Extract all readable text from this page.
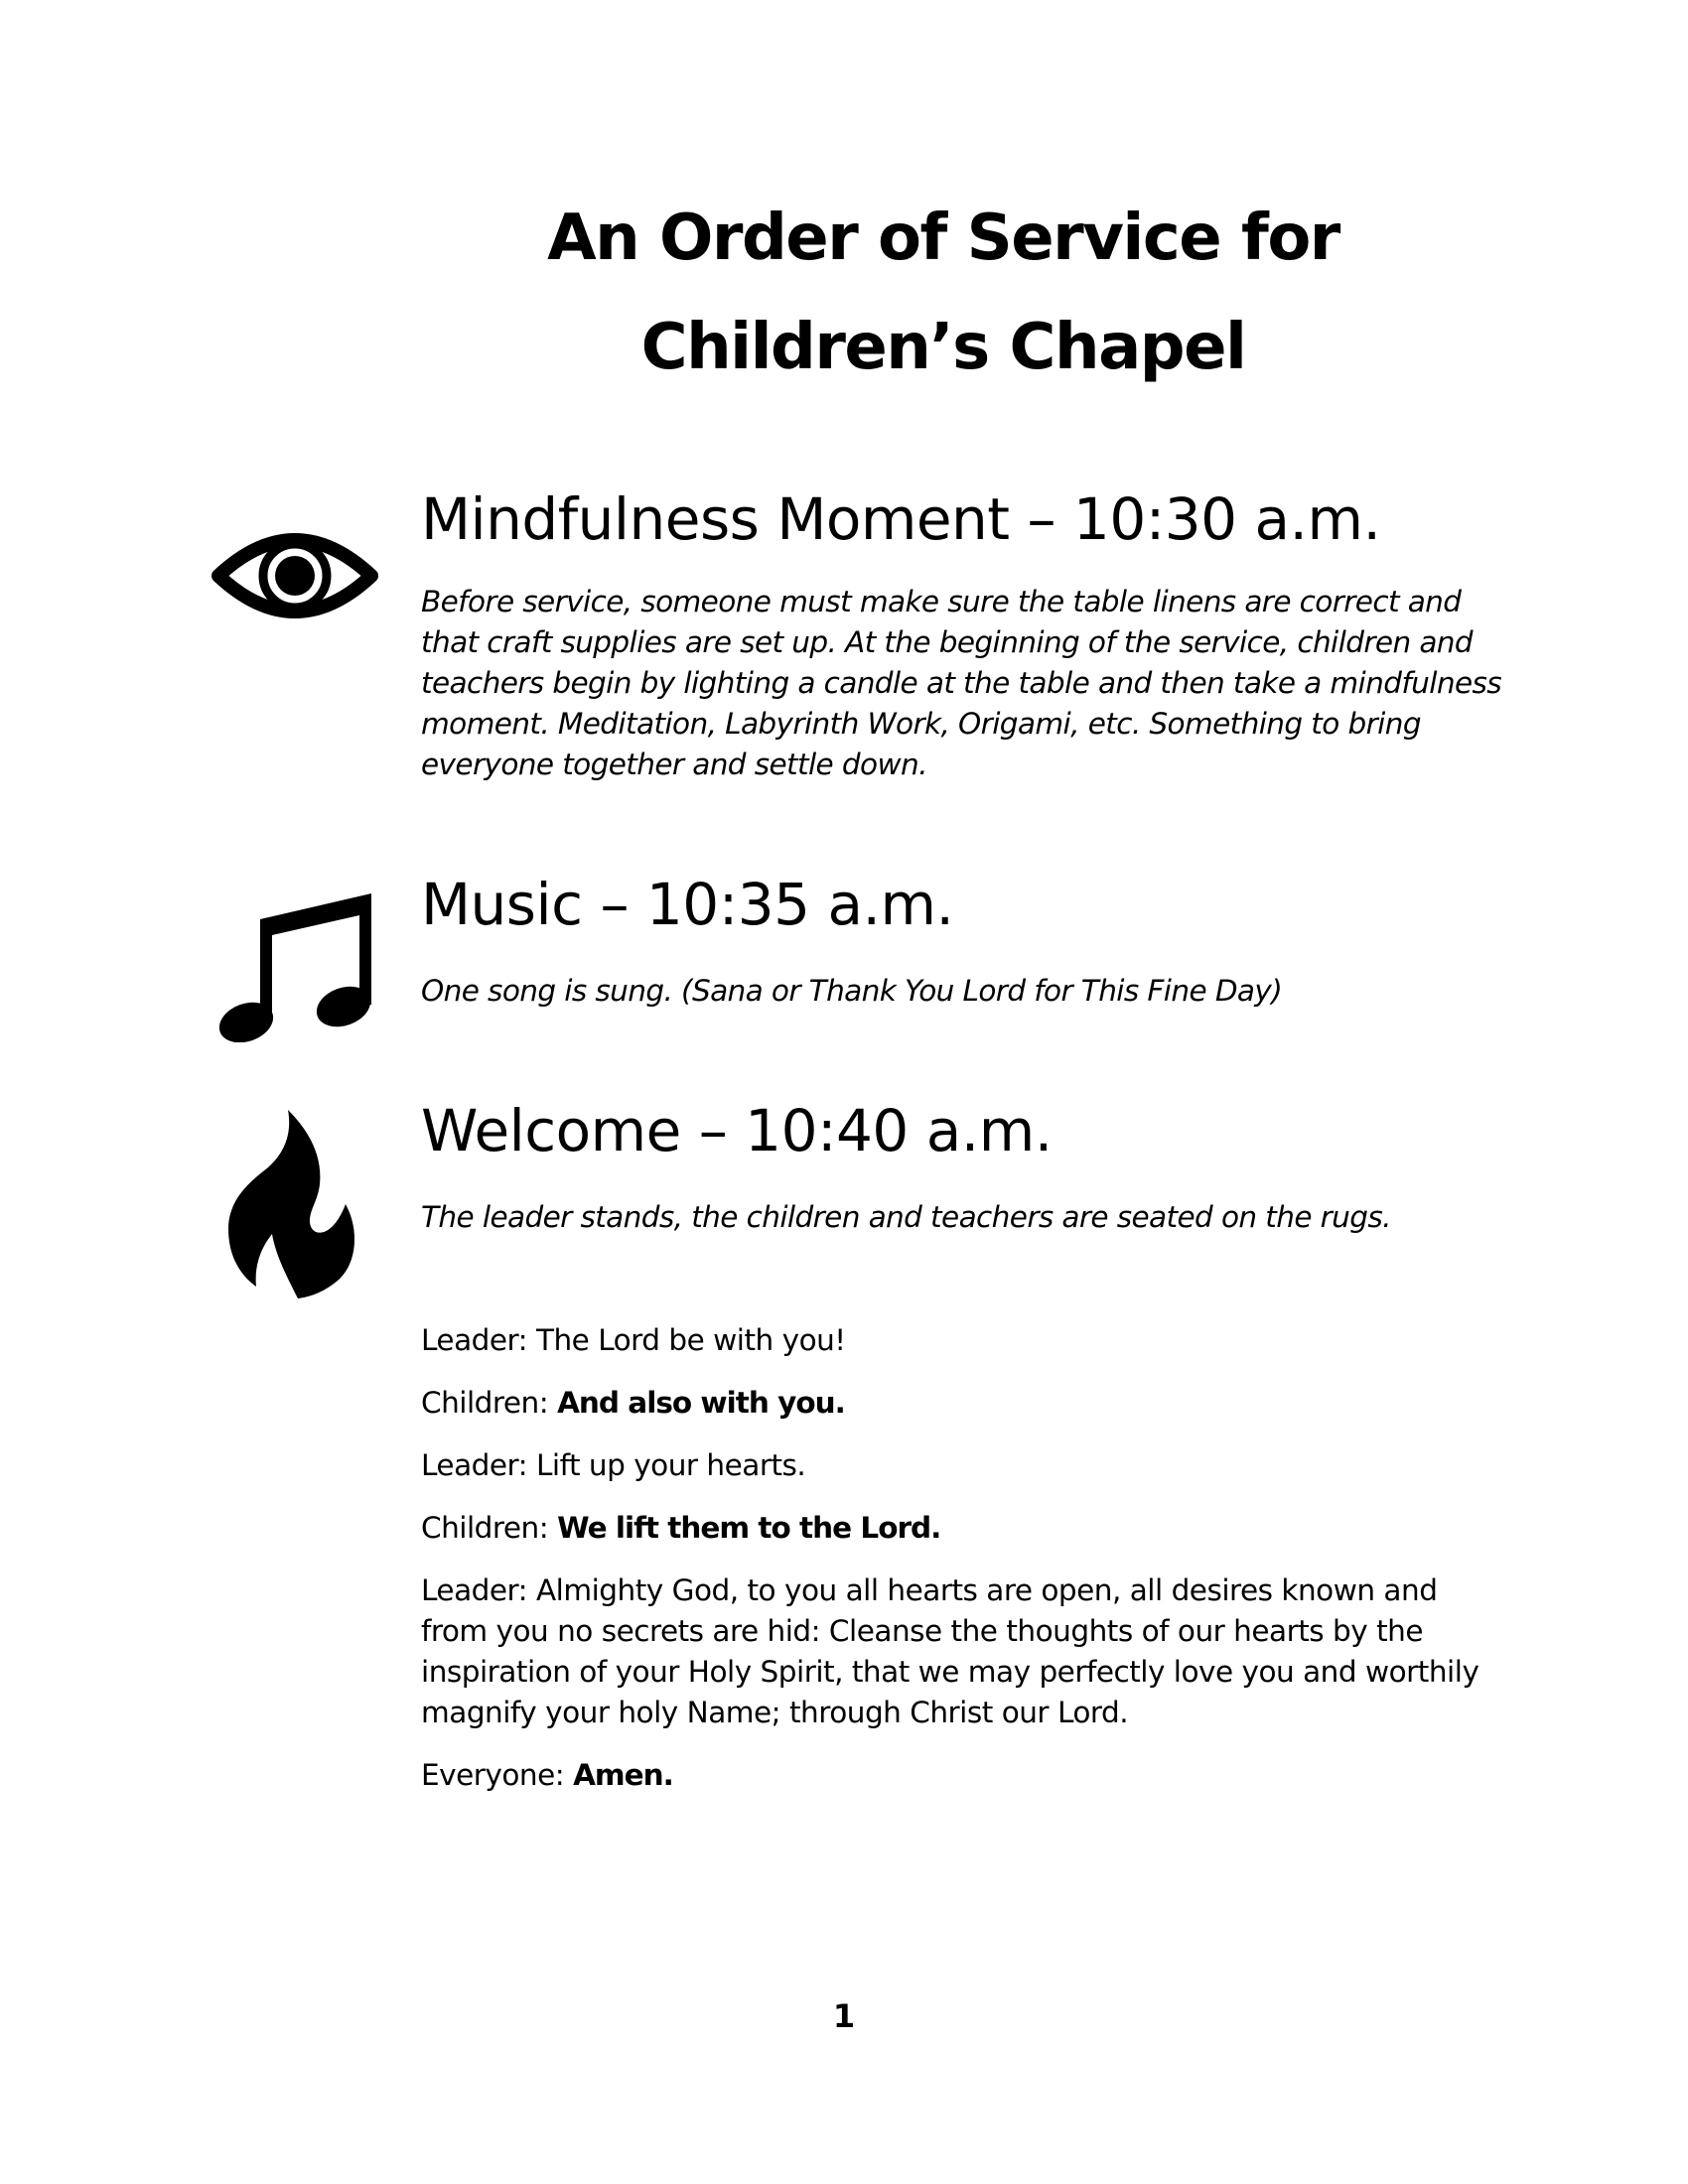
An Order of Service for
Children’s Chapel
Mindfulness Moment – 10:30 a.m.
Before service, someone must make sure the table linens are correct and that craft supplies are set up. At the beginning of the service, children and teachers begin by lighting a candle at the table and then take a mindfulness moment. Meditation, Labyrinth Work, Origami, etc. Something to bring everyone together and settle down.
Music – 10:35 a.m.
One song is sung. (Sana or Thank You Lord for This Fine Day)
Welcome – 10:40 a.m.
The leader stands, the children and teachers are seated on the rugs.

Leader: The Lord be with you!

Children: And also with you.

Leader: Lift up your hearts.

Children: We lift them to the Lord.

Leader: Almighty God, to you all hearts are open, all desires known and from you no secrets are hid: Cleanse the thoughts of our hearts by the inspiration of your Holy Spirit, that we may perfectly love you and worthily magnify your holy Name; through Christ our Lord.

Everyone: Amen.

1
